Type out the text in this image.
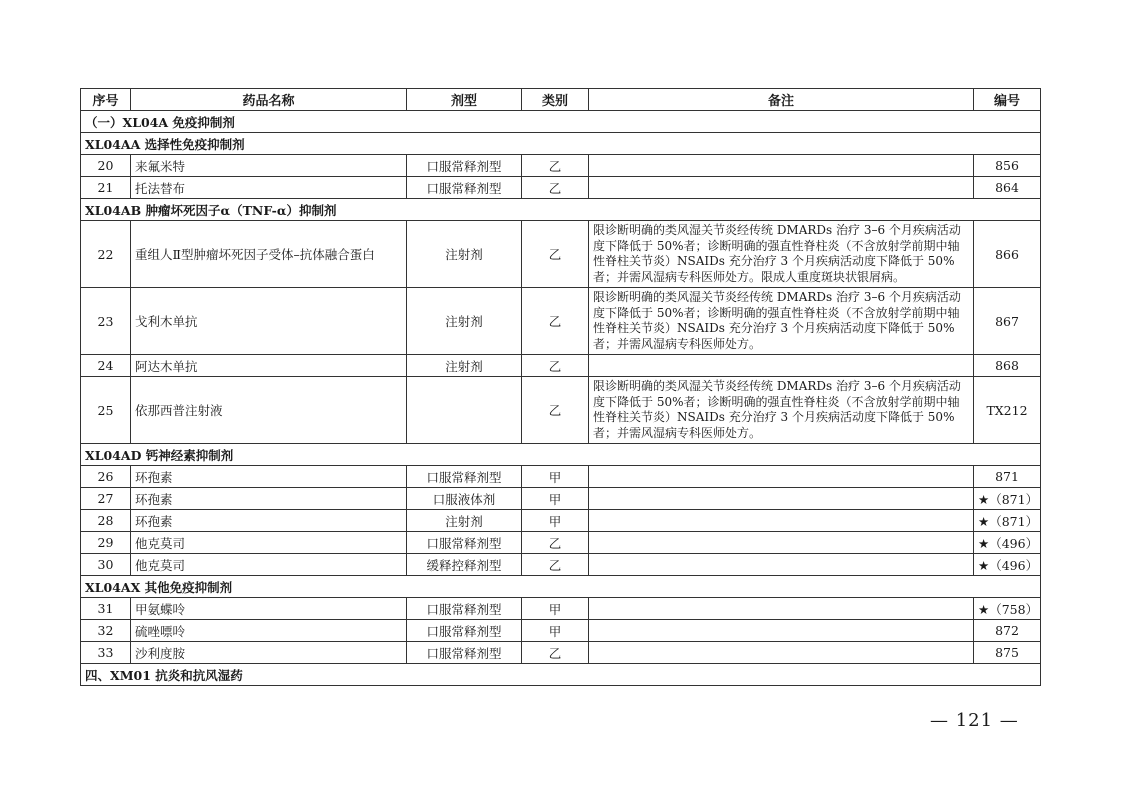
序号	药品名称	剂型	类别	备注	编号
（一）XL04A 免疫抑制剂					
XL04AA 选择性免疫抑制剂					
20	来氟米特	口服常释剂型	乙		856
21	托法替布	口服常释剂型	乙		864
XL04AB 肿瘤坏死因子α（TNF-α）抑制剂					
22	重组人Ⅱ型肿瘤坏死因子受体–抗体融合蛋白	注射剂	乙	限诊断明确的类风湿关节炎经传统 DMARDs 治疗 3–6 个月疾病活动度下降低于 50%者；诊断明确的强直性脊柱炎（不含放射学前期中轴性脊柱关节炎）NSAIDs 充分治疗 3 个月疾病活动度下降低于 50%者；并需风湿病专科医师处方。限成人重度斑块状银屑病。	866
23	戈利木单抗	注射剂	乙	限诊断明确的类风湿关节炎经传统 DMARDs 治疗 3–6 个月疾病活动度下降低于 50%者；诊断明确的强直性脊柱炎（不含放射学前期中轴性脊柱关节炎）NSAIDs 充分治疗 3 个月疾病活动度下降低于 50%者；并需风湿病专科医师处方。	867
24	阿达木单抗	注射剂	乙		868
25	依那西普注射液		乙	限诊断明确的类风湿关节炎经传统 DMARDs 治疗 3–6 个月疾病活动度下降低于 50%者；诊断明确的强直性脊柱炎（不含放射学前期中轴性脊柱关节炎）NSAIDs 充分治疗 3 个月疾病活动度下降低于 50%者；并需风湿病专科医师处方。	TX212
XL04AD 钙神经素抑制剂					
26	环孢素	口服常释剂型	甲		871
27	环孢素	口服液体剂	甲		★（871）
28	环孢素	注射剂	甲		★（871）
29	他克莫司	口服常释剂型	乙		★（496）
30	他克莫司	缓释控释剂型	乙		★（496）
XL04AX 其他免疫抑制剂					
31	甲氨蝶呤	口服常释剂型	甲		★（758）
32	硫唑嘌呤	口服常释剂型	甲		872
33	沙利度胺	口服常释剂型	乙		875
四、XM01 抗炎和抗风湿药					
— 121 —
